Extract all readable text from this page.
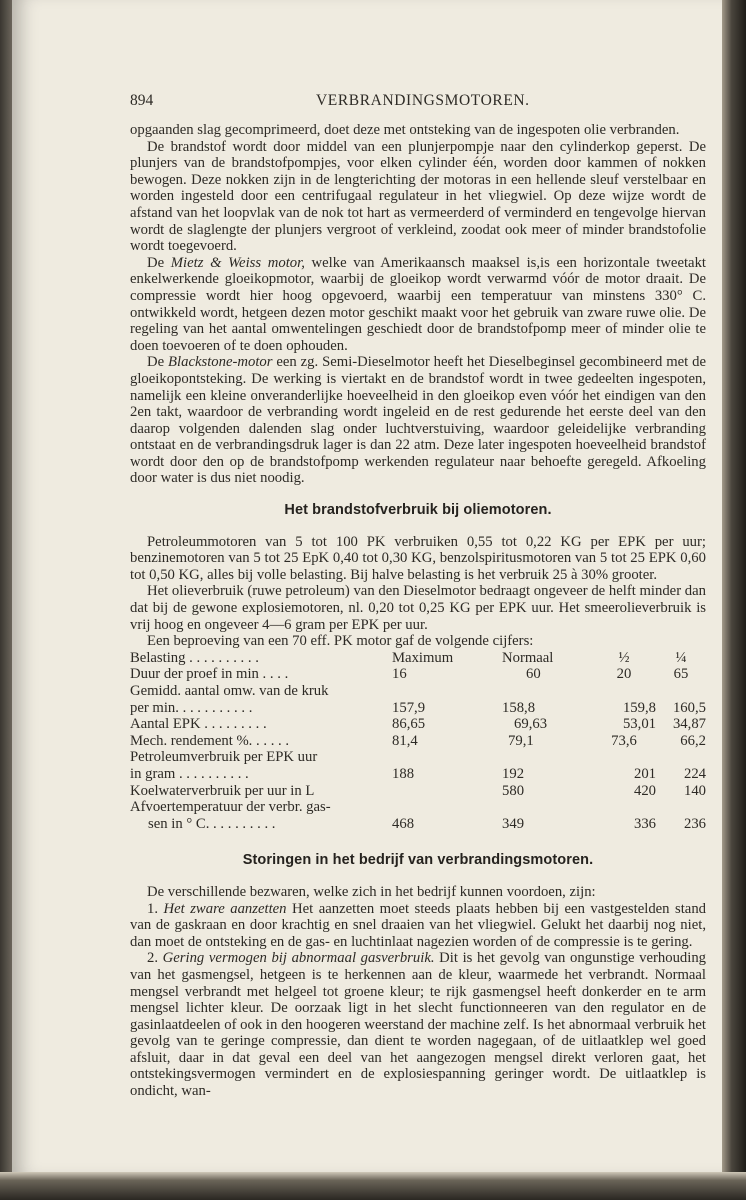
894	VERBRANDINGSMOTOREN.

opgaanden slag gecomprimeerd, doet deze met ontsteking van de ingespoten olie verbranden.

De brandstof wordt door middel van een plunjerpompje naar den cylinderkop geperst. De plunjers van de brandstofpompjes, voor elken cylinder één, worden door kammen of nokken bewogen. Deze nokken zijn in de lengterichting der motoras in een hellende sleuf verstelbaar en worden ingesteld door een centrifugaal regulateur in het vliegwiel. Op deze wijze wordt de afstand van het loopvlak van de nok tot hart as vermeerderd of verminderd en tengevolge hiervan wordt de slaglengte der plunjers vergroot of verkleind, zoodat ook meer of minder brandstofolie wordt toegevoerd.

De Mietz & Weiss motor, welke van Amerikaansch maaksel is,is een horizontale tweetakt enkelwerkende gloeikopmotor, waarbij de gloeikop wordt verwarmd vóór de motor draait. De compressie wordt hier hoog opgevoerd, waarbij een temperatuur van minstens 330° C. ontwikkeld wordt, hetgeen dezen motor geschikt maakt voor het gebruik van zware ruwe olie. De regeling van het aantal omwentelingen geschiedt door de brandstofpomp meer of minder olie te doen toevoeren of te doen ophouden.

De Blackstone-motor een zg. Semi-Dieselmotor heeft het Dieselbeginsel gecombineerd met de gloeikopontsteking. De werking is viertakt en de brandstof wordt in twee gedeelten ingespoten, namelijk een kleine onveranderlijke hoeveelheid in den gloeikop even vóór het eindigen van den 2en takt, waardoor de verbranding wordt ingeleid en de rest gedurende het eerste deel van den daarop volgenden dalenden slag onder luchtverstuiving, waardoor geleidelijke verbranding ontstaat en de verbrandingsdruk lager is dan 22 atm. Deze later ingespoten hoeveelheid brandstof wordt door den op de brandstofpomp werkenden regulateur naar behoefte geregeld. Afkoeling door water is dus niet noodig.

Het brandstofverbruik bij oliemotoren.

Petroleummotoren van 5 tot 100 PK verbruiken 0,55 tot 0,22 KG per EPK per uur; benzinemotoren van 5 tot 25 EpK 0,40 tot 0,30 KG, benzolspiritusmotoren van 5 tot 25 EPK 0,60 tot 0,50 KG, alles bij volle belasting. Bij halve belasting is het verbruik 25 à 30% grooter.

Het olieverbruik (ruwe petroleum) van den Dieselmotor bedraagt ongeveer de helft minder dan dat bij de gewone explosiemotoren, nl. 0,20 tot 0,25 KG per EPK uur. Het smeerolieverbruik is vrij hoog en ongeveer 4—6 gram per EPK per uur.

Een beproeving van een 70 eff. PK motor gaf de volgende cijfers:

Belasting . . . . . . . . . .	Maximum	Normaal	½	¼
Duur der proef in min . . . .	16	60	20	65
Gemidd. aantal omw. van de kruk				
per min. . . . . . . . . . .	157,9	158,8	159,8	160,5
Aantal EPK . . . . . . . . .	86,65	69,63	53,01	34,87
Mech. rendement %. . . . . .	81,4	79,1	73,6	66,2
Petroleumverbruik per EPK uur				
in gram . . . . . . . . . .	188	192	201	224
Koelwaterverbruik per uur in L		580	420	140
Afvoertemperatuur der verbr. gas-				
sen in ° C. . . . . . . . . .	468	349	336	236
Storingen in het bedrijf van verbrandingsmotoren.

De verschillende bezwaren, welke zich in het bedrijf kunnen voordoen, zijn:

1. Het zware aanzetten Het aanzetten moet steeds plaats hebben bij een vastgestelden stand van de gaskraan en door krachtig en snel draaien van het vliegwiel. Gelukt het daarbij nog niet, dan moet de ontsteking en de gas- en luchtinlaat nagezien worden of de compressie is te gering.

2. Gering vermogen bij abnormaal gasverbruik. Dit is het gevolg van ongunstige verhouding van het gasmengsel, hetgeen is te herkennen aan de kleur, waarmede het verbrandt. Normaal mengsel verbrandt met helgeel tot groene kleur; te rijk gasmengsel heeft donkerder en te arm mengsel lichter kleur. De oorzaak ligt in het slecht functionneeren van den regulator en de gasinlaatdeelen of ook in den hoogeren weerstand der machine zelf. Is het abnormaal verbruik het gevolg van te geringe compressie, dan dient te worden nagegaan, of de uitlaatklep wel goed afsluit, daar in dat geval een deel van het aangezogen mengsel direkt verloren gaat, het ontstekingsvermogen vermindert en de explosiespanning geringer wordt. De uitlaatklep is ondicht, wan-
